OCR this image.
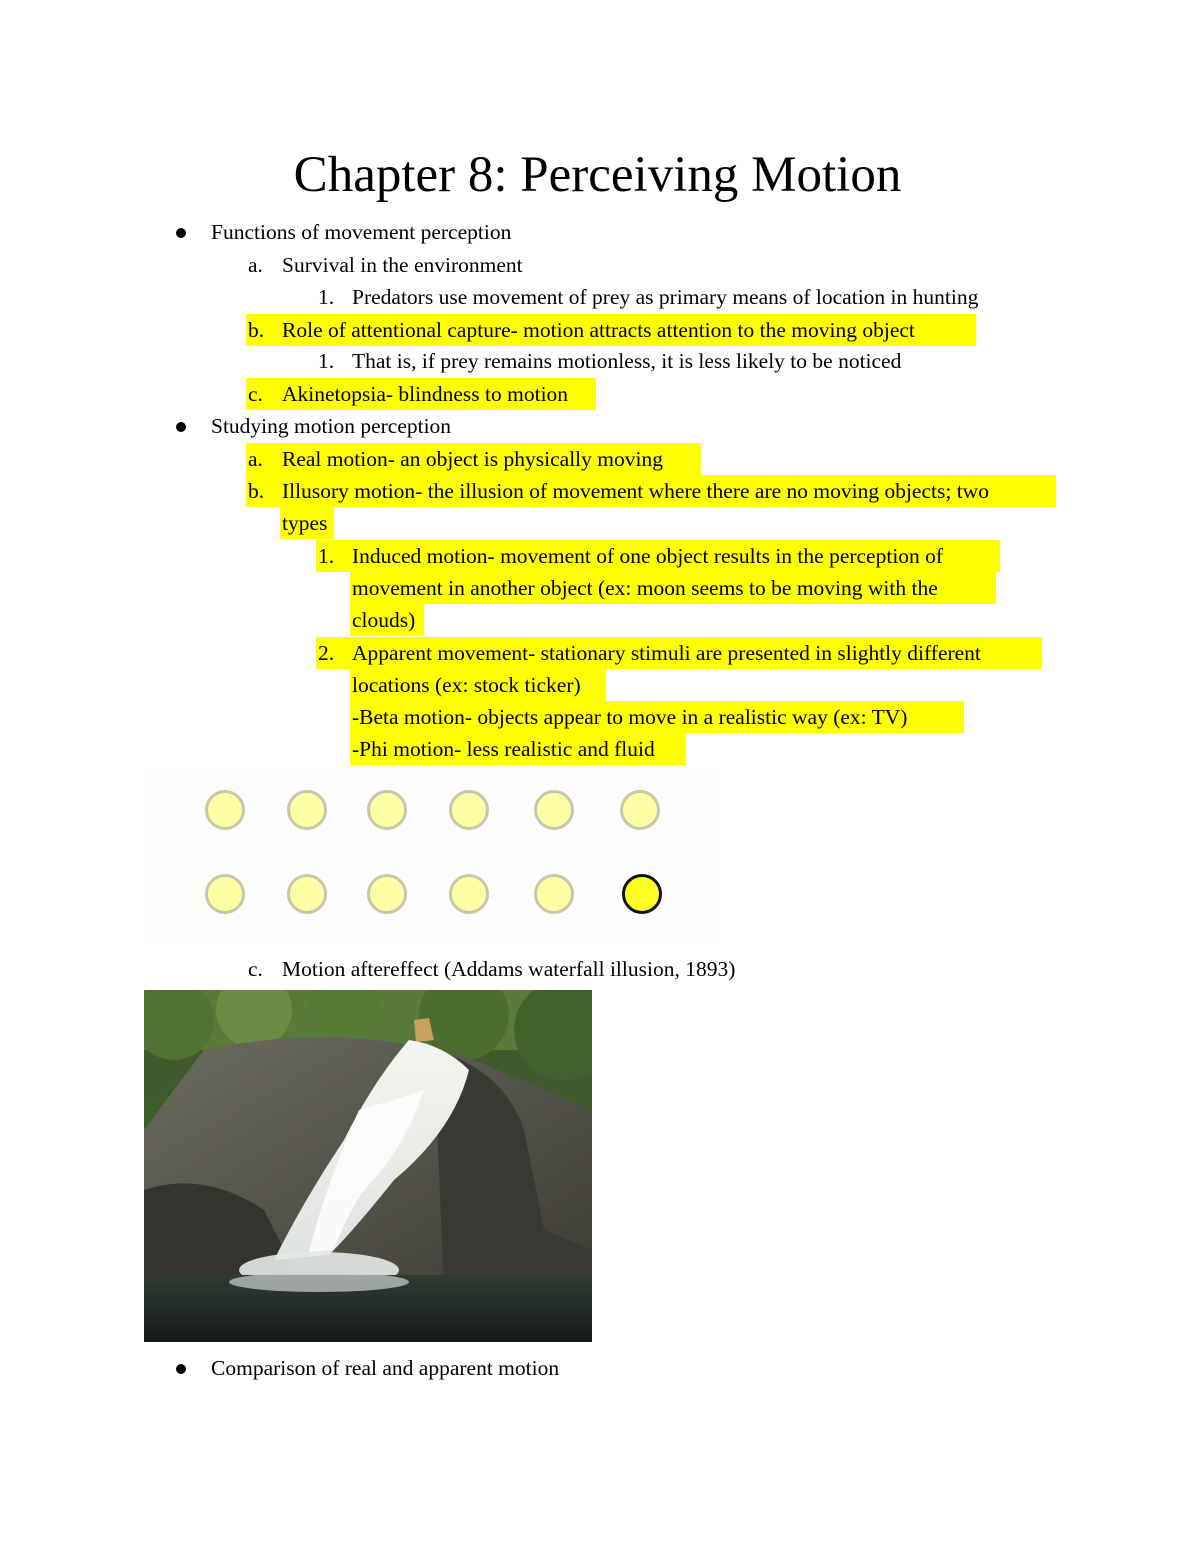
Chapter 8: Perceiving Motion
Functions of movement perception
a. Survival in the environment
1. Predators use movement of prey as primary means of location in hunting
b. Role of attentional capture- motion attracts attention to the moving object
1. That is, if prey remains motionless, it is less likely to be noticed
c. Akinetopsia- blindness to motion
Studying motion perception
a. Real motion- an object is physically moving
b. Illusory motion- the illusion of movement where there are no moving objects; two
types
1. Induced motion- movement of one object results in the perception of
movement in another object (ex: moon seems to be moving with the
clouds)
2. Apparent movement- stationary stimuli are presented in slightly different
locations (ex: stock ticker)
-Beta motion- objects appear to move in a realistic way (ex: TV)
-Phi motion- less realistic and fluid
c. Motion aftereffect (Addams waterfall illusion, 1893)
Comparison of real and apparent motion
